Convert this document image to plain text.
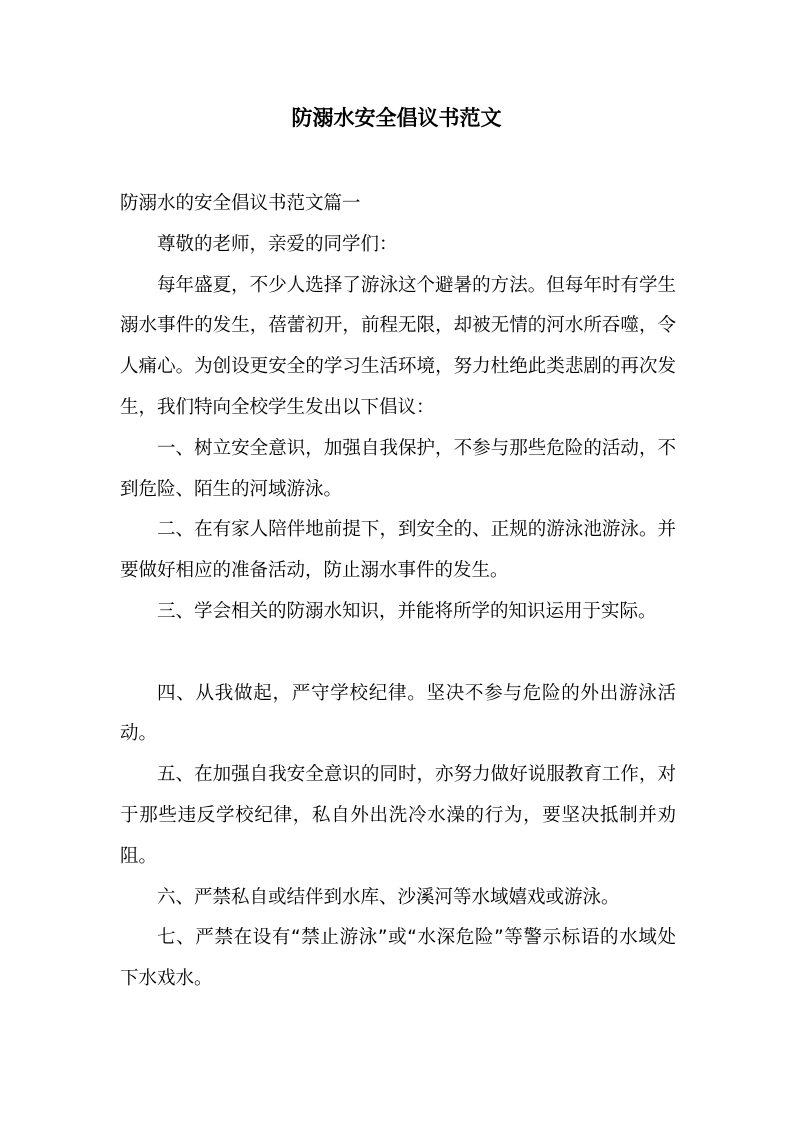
防溺水安全倡议书范文

防溺水的安全倡议书范文篇一

尊敬的老师，亲爱的同学们：

每年盛夏，不少人选择了游泳这个避暑的方法。但每年时有学生溺水事件的发生，蓓蕾初开，前程无限，却被无情的河水所吞噬，令人痛心。为创设更安全的学习生活环境，努力杜绝此类悲剧的再次发生，我们特向全校学生发出以下倡议：

一、树立安全意识，加强自我保护，不参与那些危险的活动，不到危险、陌生的河域游泳。

二、在有家人陪伴地前提下，到安全的、正规的游泳池游泳。并要做好相应的准备活动，防止溺水事件的发生。

三、学会相关的防溺水知识，并能将所学的知识运用于实际。

四、从我做起，严守学校纪律。坚决不参与危险的外出游泳活动。

五、在加强自我安全意识的同时，亦努力做好说服教育工作，对于那些违反学校纪律，私自外出洗冷水澡的行为，要坚决抵制并劝阻。

六、严禁私自或结伴到水库、沙溪河等水域嬉戏或游泳。

七、严禁在设有“禁止游泳”或“水深危险”等警示标语的水域处下水戏水。
